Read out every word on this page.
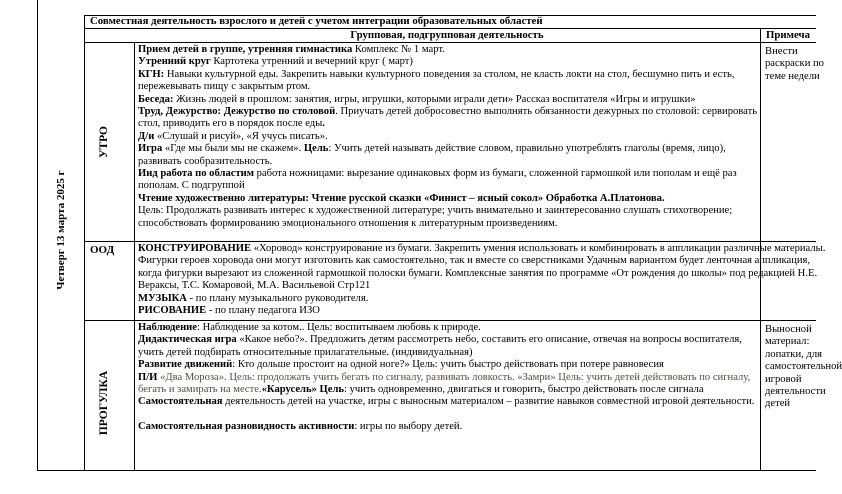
Четверг 13 марта 2025 г
Совместная деятельность взрослого и детей с учетом интеграции образовательных областей
Групповая, подгрупповая деятельность	Примеча
УТРО

Прием детей в группе, утренняя гимнастика Комплекс № 1 март.

Утренний круг Картотека утренний и вечерний круг ( март)

КГН: Навыки культурной еды. Закрепить навыки культурного поведения за столом, не класть локти на стол, бесшумно пить и есть, пережевывать пищу с закрытым ртом.

Беседа: Жизнь людей в прошлом: занятия, игры, игрушки, которыми играли дети» Рассказ воспитателя «Игры и игрушки»

Труд, Дежурство: Дежурство по столовой. Приучать детей добросовестно выполнять обязанности дежурных по столовой: сервировать стол, приводить его в порядок после еды.

Д/и «Слушай и рисуй», «Я учусь писать».

Игра «Где мы были мы не скажем». Цель: Учить детей называть действие словом, правильно употреблять глаголы (время, лицо), развивать сообразительность.

Инд работа по областим работа ножницами: вырезание одинаковых форм из бумаги, сложенной гармошкой или пополам и ещё раз пополам. С подгруппой

Чтение художественно литературы: Чтение русской сказки «Финист – ясный сокол» Обработка А.Платонова.

Цель: Продолжать развивать интерес к художественной литературе; учить внимательно и заинтересованно слушать стихотворение; способствовать формированию эмоционального отношения к литературным произведениям.

Внести раскраски по теме недели
ООД КОНСТРУИРОВАНИЕ «Хоровод» конструирование из бумаги. Закрепить умения использовать и комбинировать в аппликации различные материалы. Фигурки героев хоровода они могут изготовить как самостоятельно, так и вместе со сверстниками Удачным вариантом будет ленточная аппликация, когда фигурки вырезают из сложенной гармошкой полоски бумаги. Комплексные занятия по программе «От рождения до школы» под редакцией Н.Е. Вераксы, Т.С. Комаровой, М.А. Васильевой Стр121

МУЗЫКА - по плану музыкального руководителя.

РИСОВАНИЕ - по плану педагога ИЗО

ПРОГУЛКА

Наблюдение: Наблюдение за котом.. Цель: воспитываем любовь к природе.

Дидактическая игра «Какое небо?». Предложить детям рассмотреть небо, составить его описание, отвечая на вопросы воспитателя, учить детей подбирать относительные прилагательные. (индивидуальная)

Развитие движений: Кто дольше простоит на одной ноге?» Цель: учить быстро действовать при потере равновесия

П/И «Два Мороза». Цель: продолжать учить бегать по сигналу, развивать ловкость. «Замри» Цель: учить детей действовать по сигналу, бегать и замирать на месте.«Карусель» Цель: учить одновременно, двигаться и говорить, быстро действовать после сигнала

Самостоятельная деятельность детей на участке, игры с выносным материалом – развитие навыков совместной игровой деятельности.

Самостоятельная разновидность активности: игры по выбору детей.

Выносной материал: лопатки, для самостоятельной игровой деятельности детей
